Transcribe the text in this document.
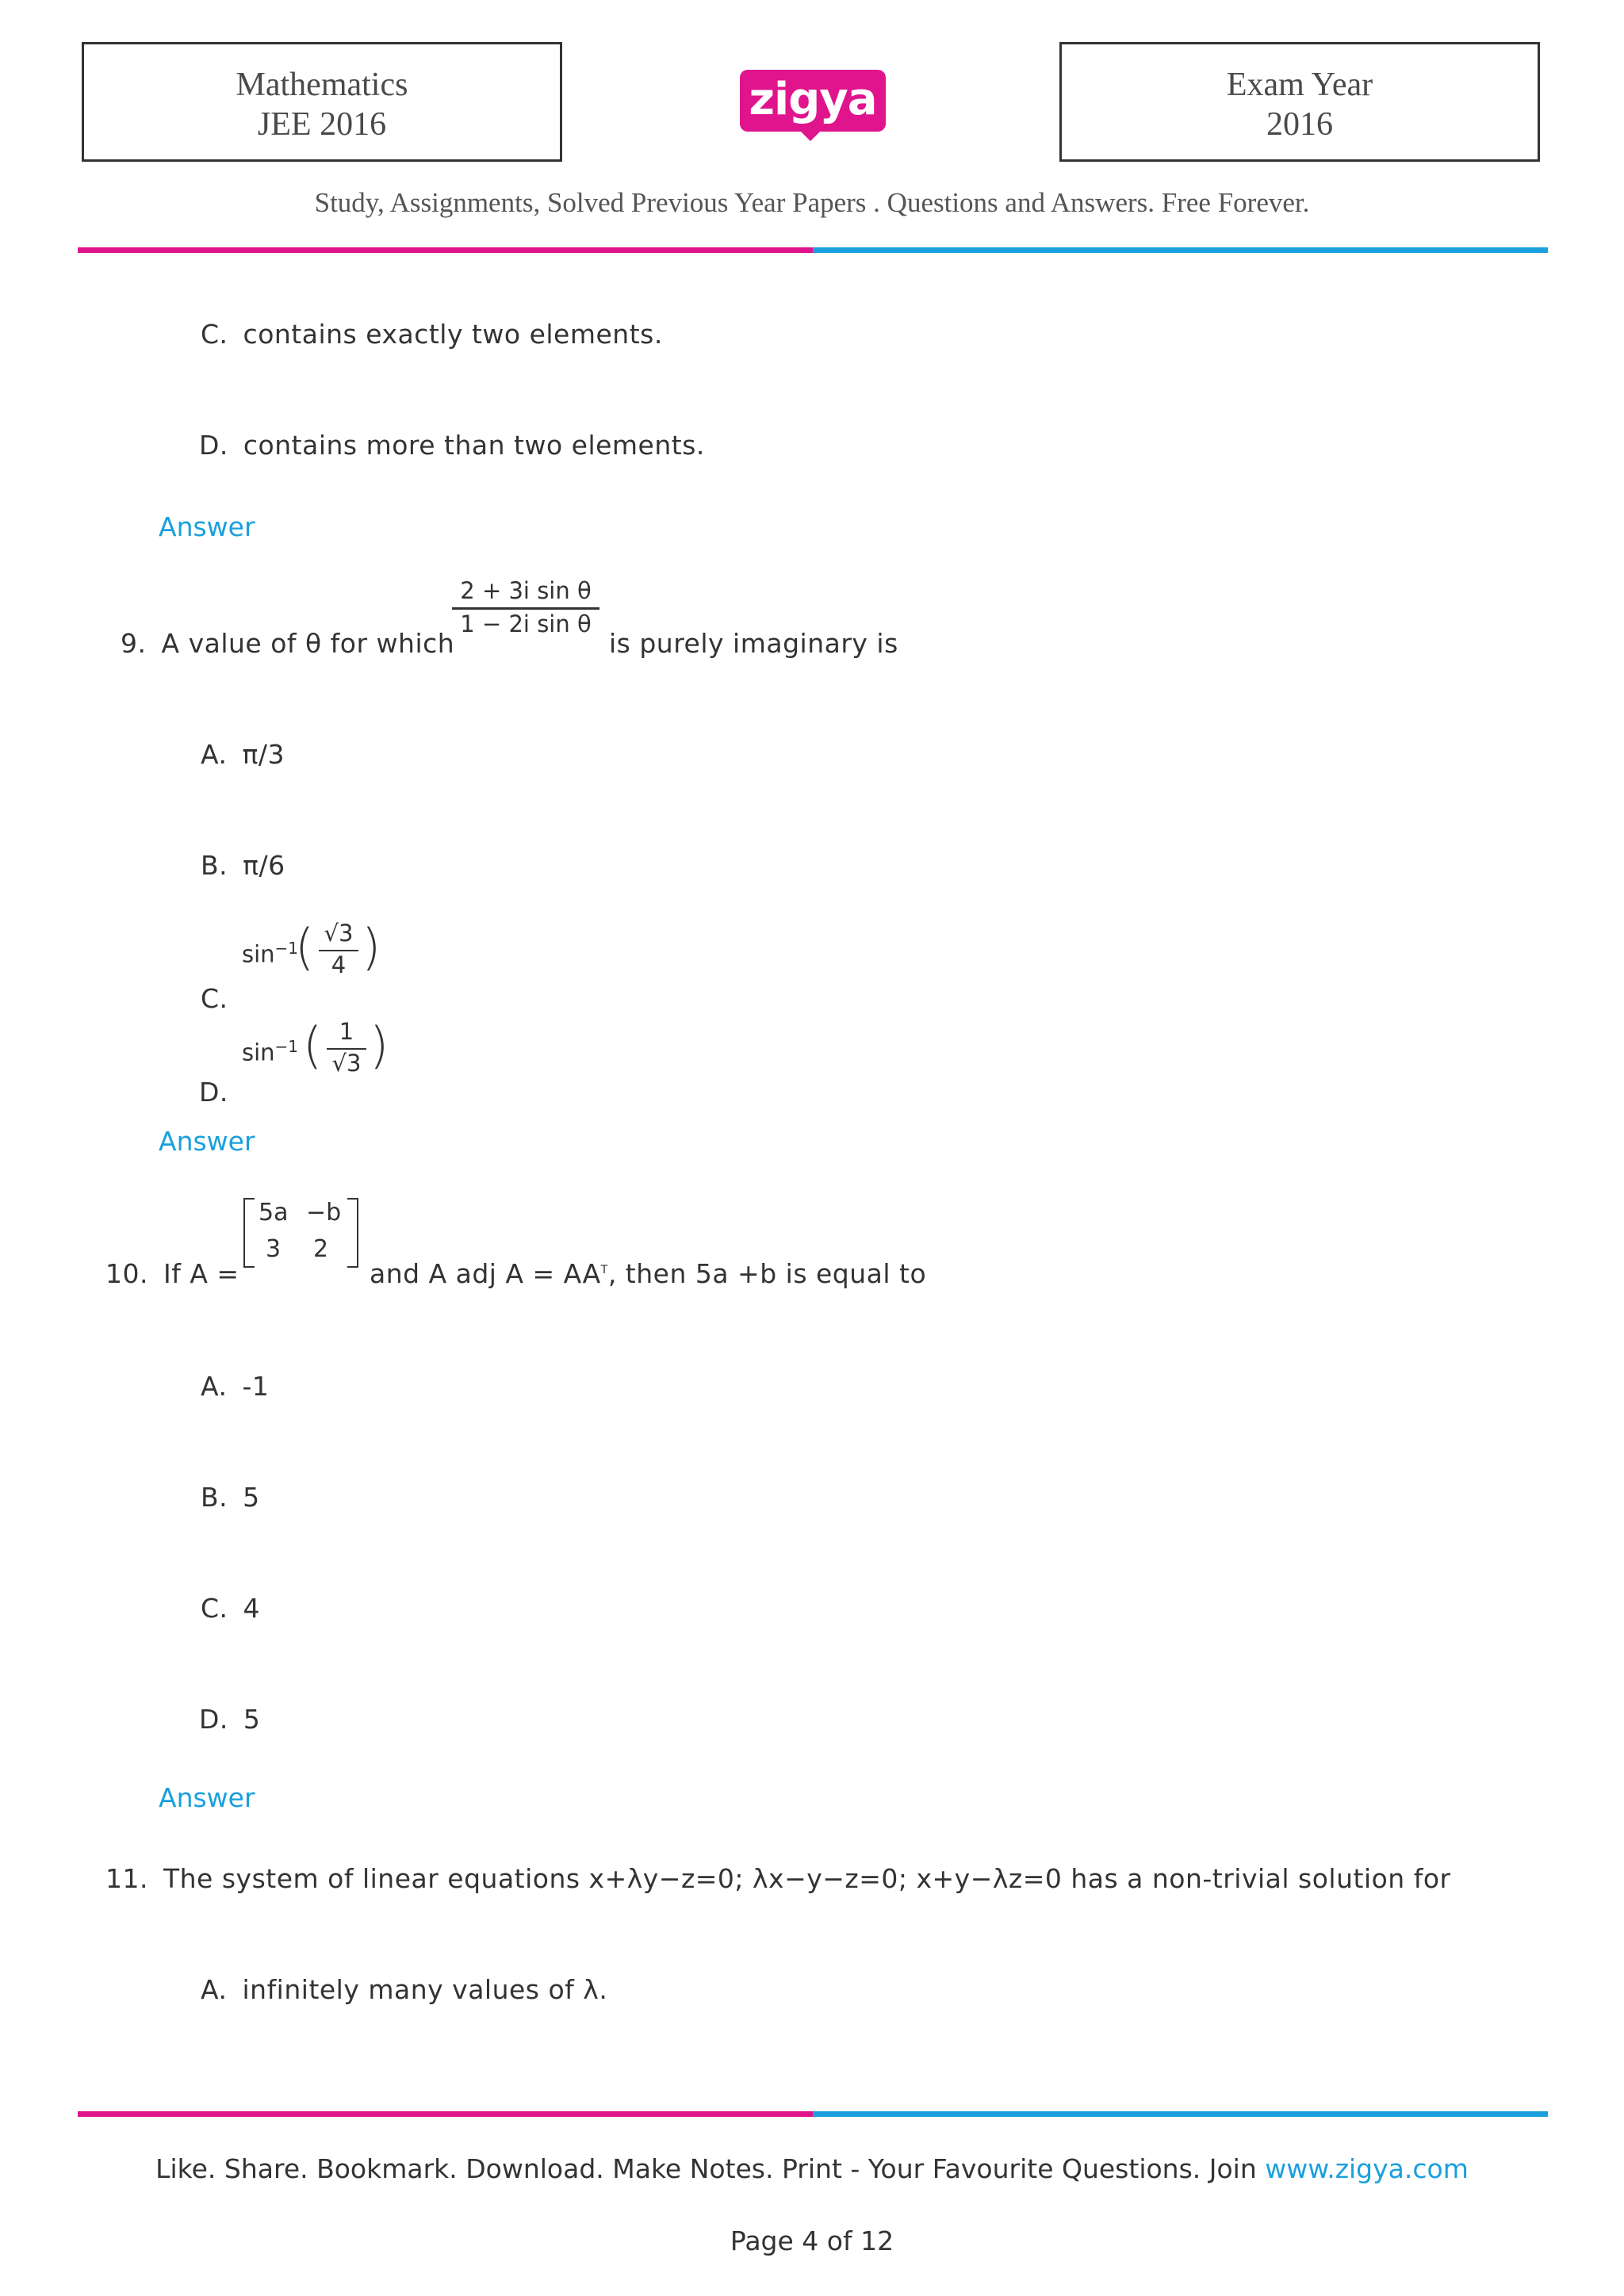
Mathematics
JEE 2016	zigya	Exam Year
2016
Study, Assignments, Solved Previous Year Papers . Questions and Answers. Free Forever.
C. contains exactly two elements.
D. contains more than two elements.
Answer
9. A value of θ for which
2 + 3i sin θ
1 − 2i sin θ
is purely imaginary is
A. π/3
B. π/6
C.
$\sin^{-1}$
( √3
4 )
D.
$\sin^{-1}$ ( 1
√3 )
Answer
10. If A =
5a −b
3 2
and A adj $A = AA^T$, then 5a +b is equal to
A. -1
B. 5
C. 4
D. 5
Answer
11. The system of linear equations x+λy−z=0; λx−y−z=0; x+y−λz=0 has a non-trivial solution for
A. infinitely many values of λ.
Like. Share. Bookmark. Download. Make Notes. Print - Your Favourite Questions. Join www.zigya.com
Page 4 of 12
